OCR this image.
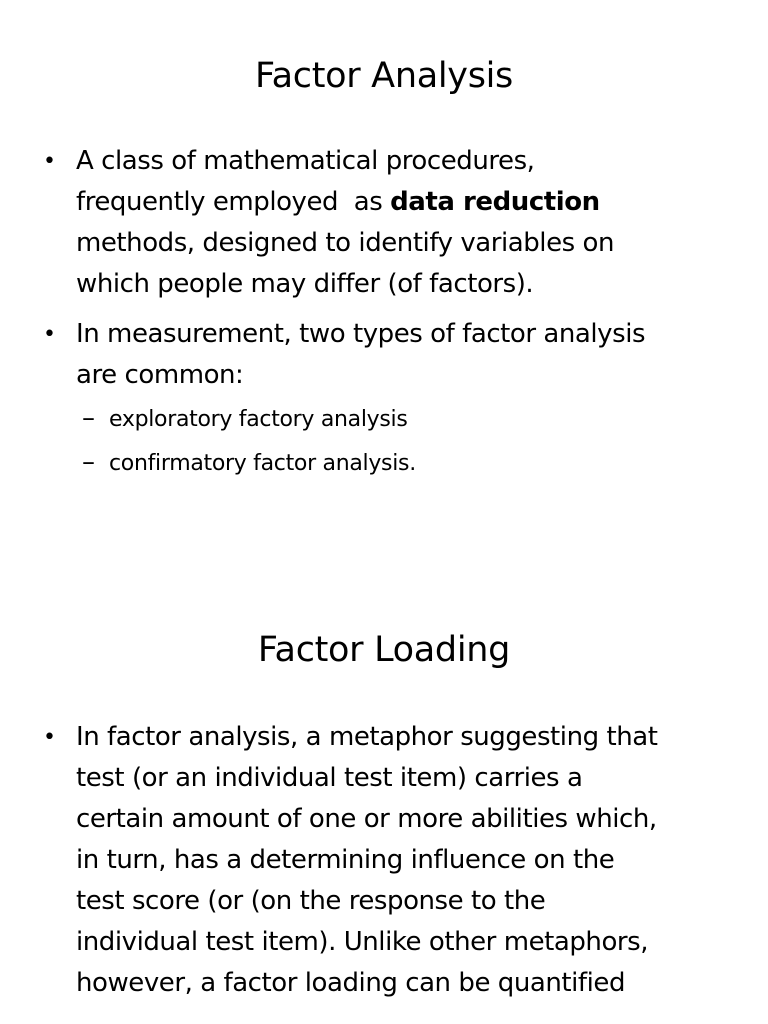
Factor Analysis
• A class of mathematical procedures,
frequently employed  as data reduction
methods, designed to identify variables on
which people may differ (of factors).
• In measurement, two types of factor analysis
are common:
– exploratory factory analysis
– confirmatory factor analysis.
Factor Loading
• In factor analysis, a metaphor suggesting that
test (or an individual test item) carries a
certain amount of one or more abilities which,
in turn, has a determining influence on the
test score (or (on the response to the
individual test item). Unlike other metaphors,
however, a factor loading can be quantified
